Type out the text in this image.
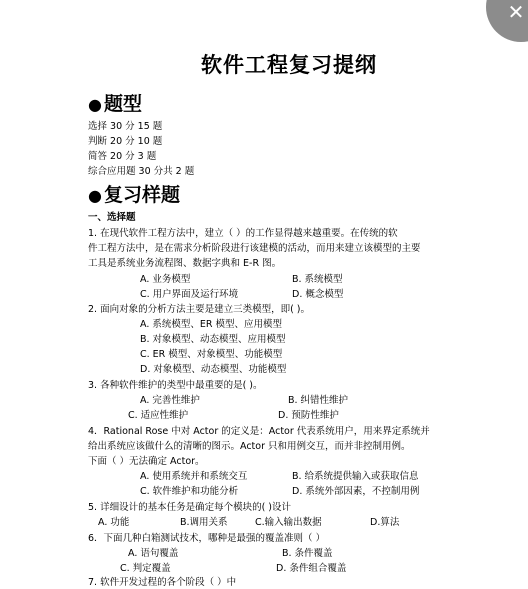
✕
软件工程复习提纲
● 题型
选择 30 分 15 题
判断 20 分 10 题
简答 20 分 3 题
综合应用题 30 分共 2 题
● 复习样题
一、选择题
1. 在现代软件工程方法中，建立（ ）的工作显得越来越重要。在传统的软
件工程方法中，是在需求分析阶段进行该建模的活动，而用来建立该模型的主要
工具是系统业务流程图、数据字典和 E-R 图。
A. 业务模型	B. 系统模型
C. 用户界面及运行环境	D. 概念模型
2. 面向对象的分析方法主要是建立三类模型，即( )。
A. 系统模型、ER 模型、应用模型
B. 对象模型、动态模型、应用模型
C. ER 模型、对象模型、功能模型
D. 对象模型、动态模型、功能模型
3. 各种软件维护的类型中最重要的是( )。
A. 完善性维护	B. 纠错性维护
C. 适应性维护	D. 预防性维护
4．Rational Rose 中对 Actor 的定义是：Actor 代表系统用户，用来界定系统并
给出系统应该做什么的清晰的图示。Actor 只和用例交互，而并非控制用例。
下面（ ）无法确定 Actor。
A. 使用系统并和系统交互	B. 给系统提供输入或获取信息
C. 软件维护和功能分析	D. 系统外部因素，不控制用例
5. 详细设计的基本任务是确定每个模块的( )设计
A. 功能	B.调用关系	C.输入输出数据	D.算法
6．下面几种白箱测试技术，哪种是最强的覆盖准则（ ）
A. 语句覆盖	B. 条件覆盖
C. 判定覆盖	D. 条件组合覆盖
7. 软件开发过程的各个阶段（ ）中
